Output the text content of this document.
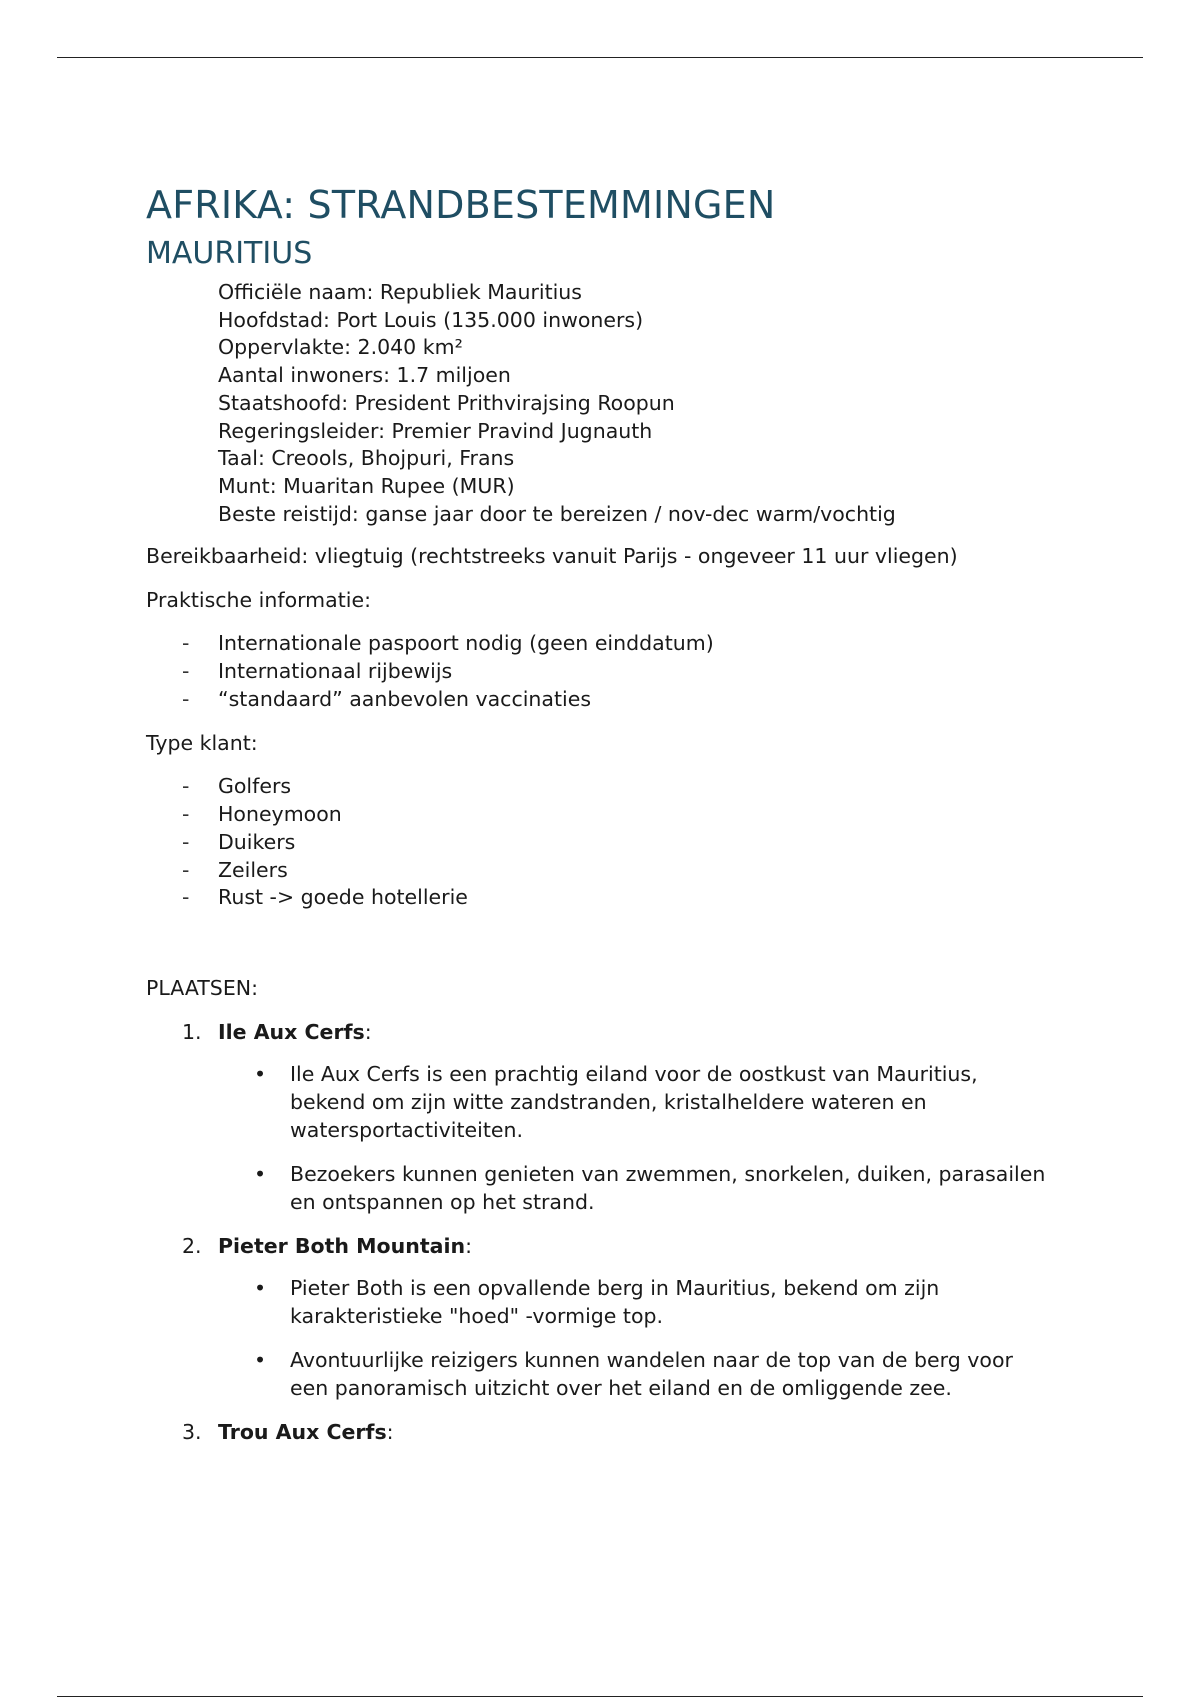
AFRIKA: STRANDBESTEMMINGEN
MAURITIUS
Officiële naam: Republiek Mauritius
Hoofdstad: Port Louis (135.000 inwoners)
Oppervlakte: 2.040 km²
Aantal inwoners: 1.7 miljoen
Staatshoofd: President Prithvirajsing Roopun
Regeringsleider: Premier Pravind Jugnauth
Taal: Creools, Bhojpuri, Frans
Munt: Muaritan Rupee (MUR)
Beste reistijd: ganse jaar door te bereizen / nov-dec warm/vochtig

Bereikbaarheid: vliegtuig (rechtstreeks vanuit Parijs - ongeveer 11 uur vliegen)

Praktische informatie:

- Internationale paspoort nodig (geen einddatum)
- Internationaal rijbewijs
- “standaard” aanbevolen vaccinaties

Type klant:

- Golfers
- Honeymoon
- Duikers
- Zeilers
- Rust -> goede hotellerie

PLAATSEN:

1. Ile Aux Cerfs:
• Ile Aux Cerfs is een prachtig eiland voor de oostkust van Mauritius, bekend om zijn witte zandstranden, kristalheldere wateren en watersportactiviteiten.
• Bezoekers kunnen genieten van zwemmen, snorkelen, duiken, parasailen en ontspannen op het strand.
2. Pieter Both Mountain:
• Pieter Both is een opvallende berg in Mauritius, bekend om zijn karakteristieke "hoed" -vormige top.
• Avontuurlijke reizigers kunnen wandelen naar de top van de berg voor een panoramisch uitzicht over het eiland en de omliggende zee.
3. Trou Aux Cerfs:
